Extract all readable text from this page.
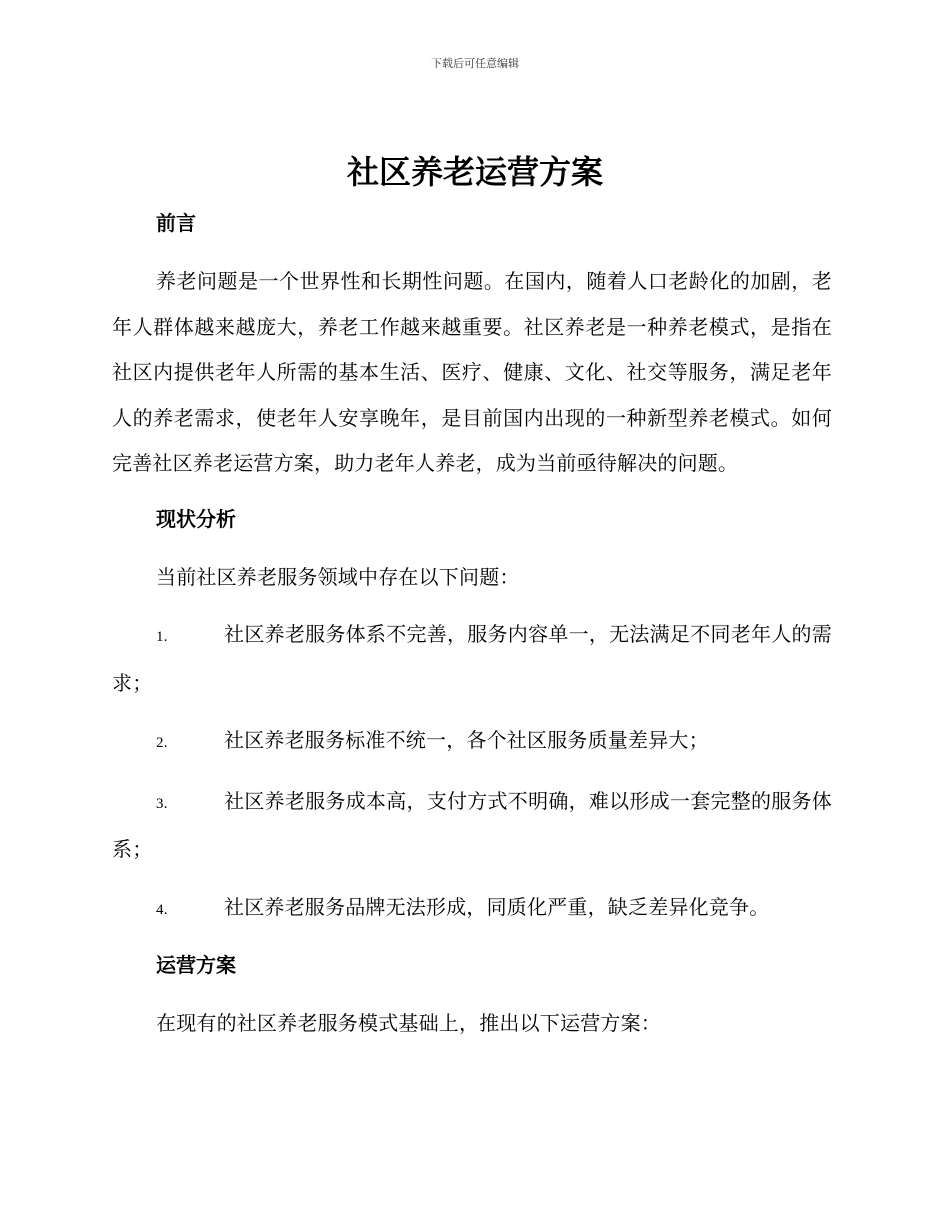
下载后可任意编辑
社区养老运营方案
前言

养老问题是一个世界性和长期性问题。在国内，随着人口老龄化的加剧，老年人群体越来越庞大，养老工作越来越重要。社区养老是一种养老模式，是指在社区内提供老年人所需的基本生活、医疗、健康、文化、社交等服务，满足老年人的养老需求，使老年人安享晚年，是目前国内出现的一种新型养老模式。如何完善社区养老运营方案，助力老年人养老，成为当前亟待解决的问题。

现状分析

当前社区养老服务领域中存在以下问题：

1.	社区养老服务体系不完善，服务内容单一，无法满足不同老年人的需求；

2.	社区养老服务标准不统一，各个社区服务质量差异大；

3.	社区养老服务成本高，支付方式不明确，难以形成一套完整的服务体系；

4.	社区养老服务品牌无法形成，同质化严重，缺乏差异化竞争。

运营方案

在现有的社区养老服务模式基础上，推出以下运营方案：
